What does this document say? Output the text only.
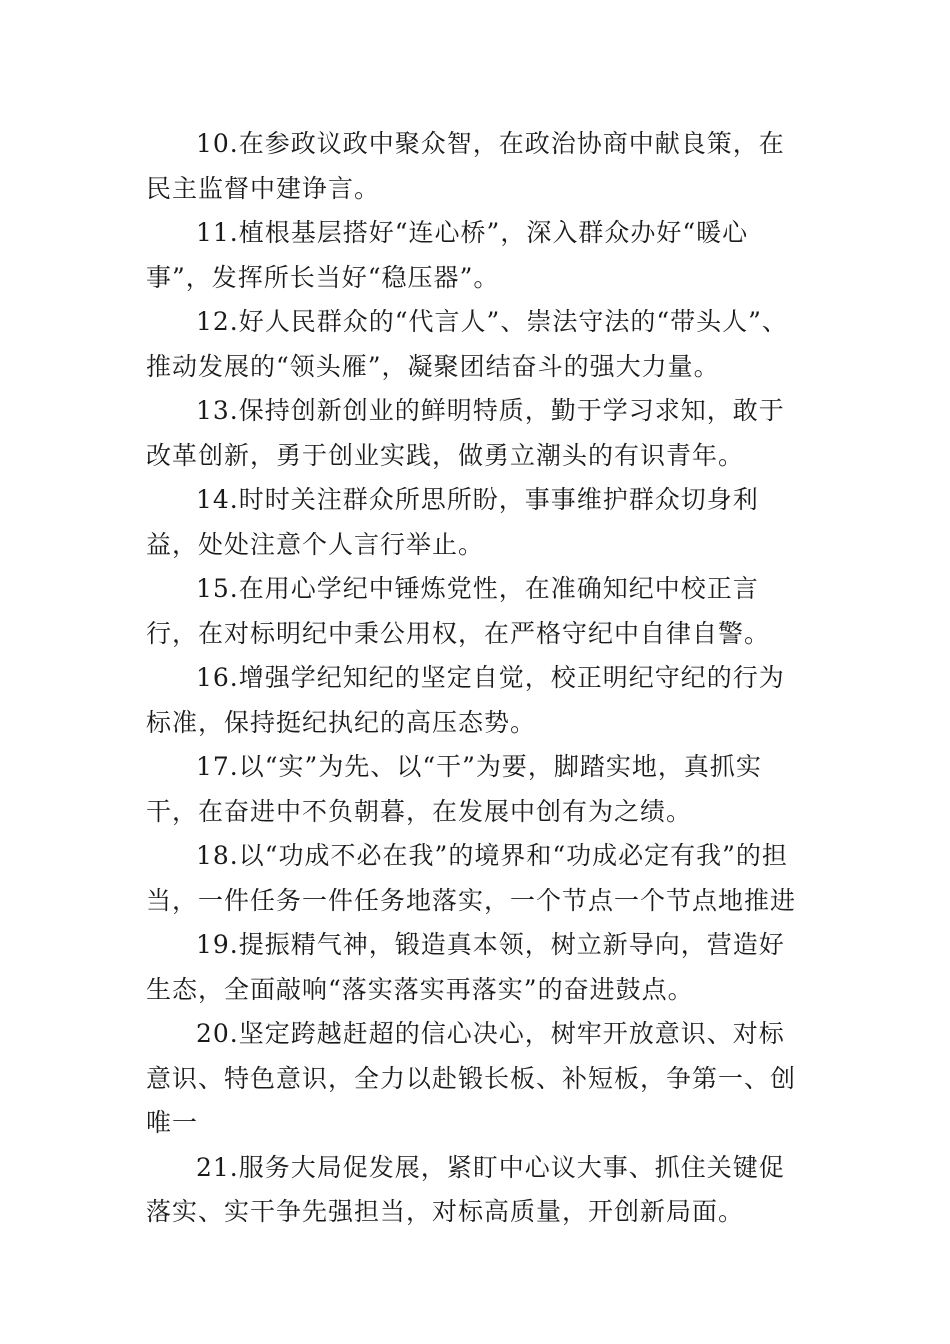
10.在参政议政中聚众智，在政治协商中献良策，在民主监督中建诤言。

11.植根基层搭好“连心桥”，深入群众办好“暖心事”，发挥所长当好“稳压器”。

12.好人民群众的“代言人”、崇法守法的“带头人”、推动发展的“领头雁”，凝聚团结奋斗的强大力量。

13.保持创新创业的鲜明特质，勤于学习求知，敢于改革创新，勇于创业实践，做勇立潮头的有识青年。

14.时时关注群众所思所盼，事事维护群众切身利益，处处注意个人言行举止。

15.在用心学纪中锤炼党性，在准确知纪中校正言行，在对标明纪中秉公用权，在严格守纪中自律自警。

16.增强学纪知纪的坚定自觉，校正明纪守纪的行为标准，保持挺纪执纪的高压态势。

17.以“实”为先、以“干”为要，脚踏实地，真抓实干，在奋进中不负朝暮，在发展中创有为之绩。

18.以“功成不必在我”的境界和“功成必定有我”的担当，一件任务一件任务地落实，一个节点一个节点地推进

19.提振精气神，锻造真本领，树立新导向，营造好生态，全面敲响“落实落实再落实”的奋进鼓点。

20.坚定跨越赶超的信心决心，树牢开放意识、对标意识、特色意识，全力以赴锻长板、补短板，争第一、创唯一

21.服务大局促发展，紧盯中心议大事、抓住关键促落实、实干争先强担当，对标高质量，开创新局面。
